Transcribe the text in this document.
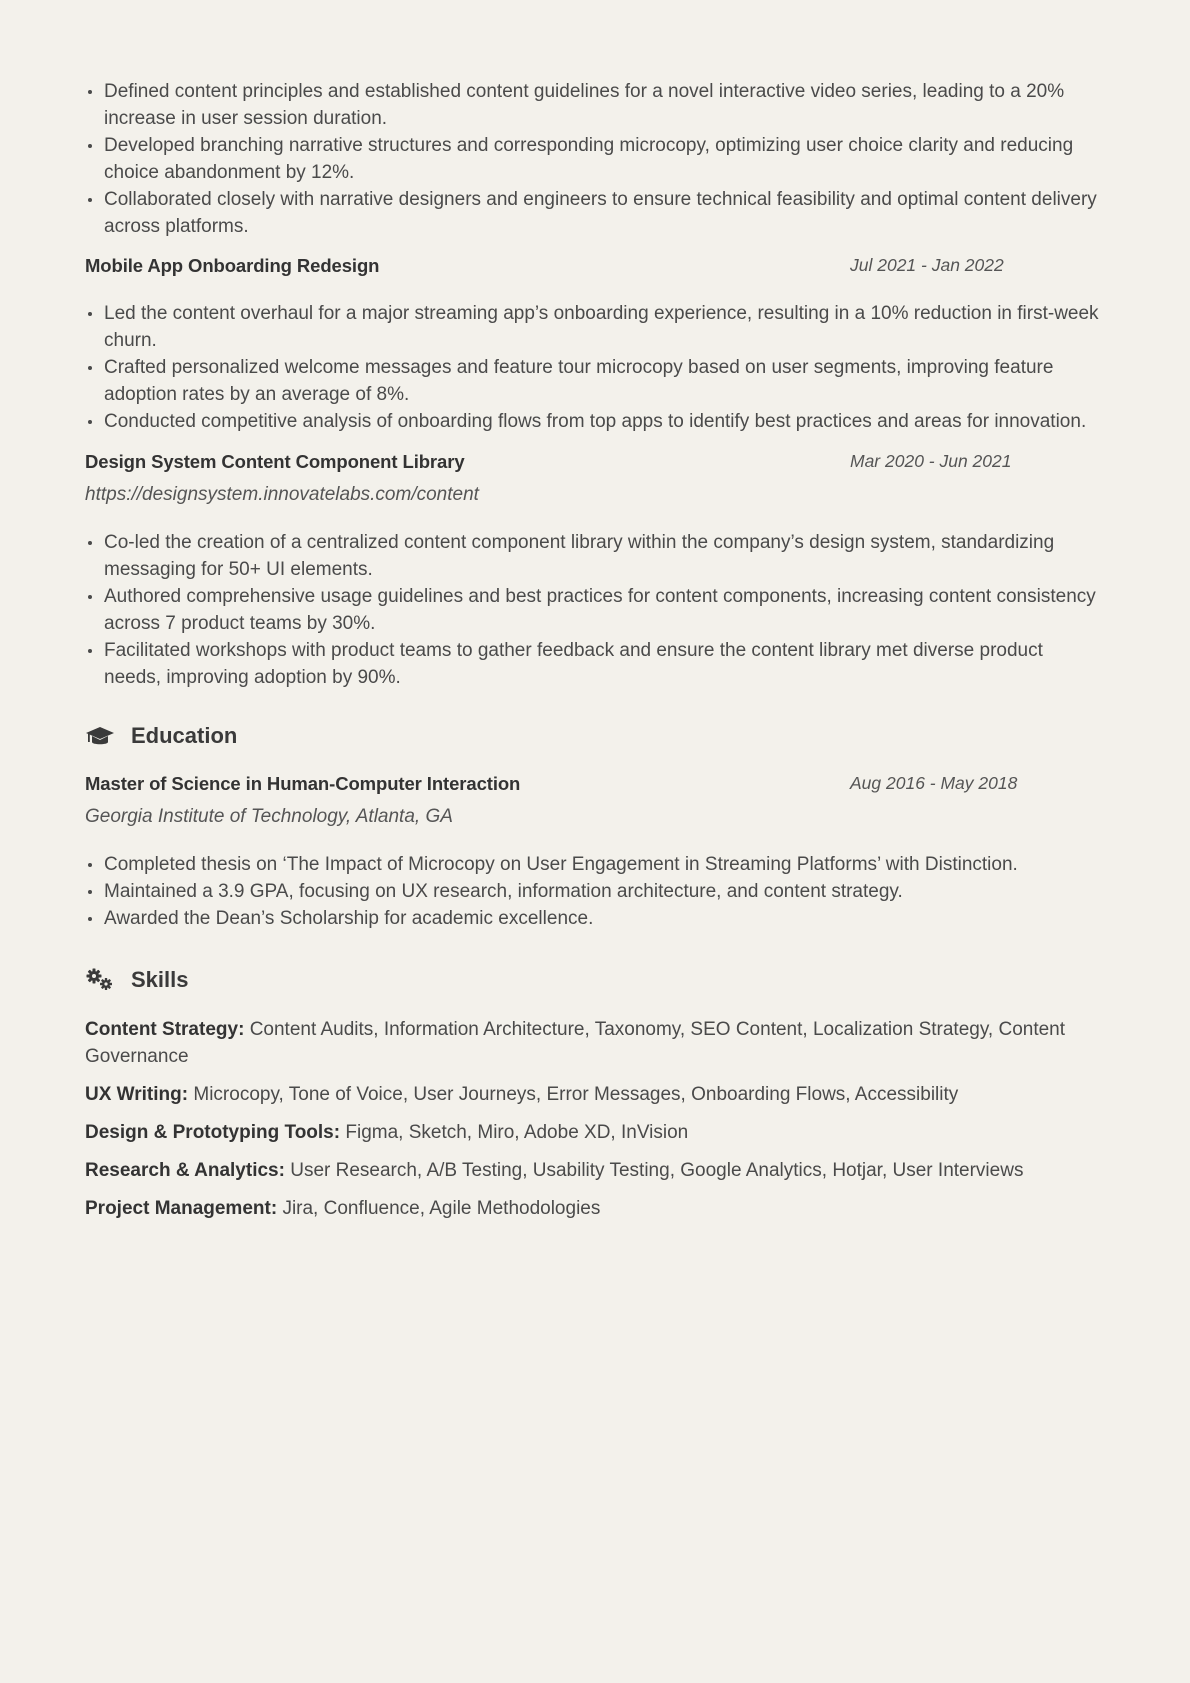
Defined content principles and established content guidelines for a novel interactive video series, leading to a 20% increase in user session duration.
Developed branching narrative structures and corresponding microcopy, optimizing user choice clarity and reducing choice abandonment by 12%.
Collaborated closely with narrative designers and engineers to ensure technical feasibility and optimal content delivery across platforms.
Mobile App Onboarding Redesign	Jul 2021 - Jan 2022
Led the content overhaul for a major streaming app’s onboarding experience, resulting in a 10% reduction in first-week churn.
Crafted personalized welcome messages and feature tour microcopy based on user segments, improving feature adoption rates by an average of 8%.
Conducted competitive analysis of onboarding flows from top apps to identify best practices and areas for innovation.
Design System Content Component Library	Mar 2020 - Jun 2021
https://designsystem.innovatelabs.com/content
Co-led the creation of a centralized content component library within the company’s design system, standardizing messaging for 50+ UI elements.
Authored comprehensive usage guidelines and best practices for content components, increasing content consistency across 7 product teams by 30%.
Facilitated workshops with product teams to gather feedback and ensure the content library met diverse product needs, improving adoption by 90%.
Education
Master of Science in Human-Computer Interaction	Aug 2016 - May 2018
Georgia Institute of Technology, Atlanta, GA
Completed thesis on ‘The Impact of Microcopy on User Engagement in Streaming Platforms’ with Distinction.
Maintained a 3.9 GPA, focusing on UX research, information architecture, and content strategy.
Awarded the Dean’s Scholarship for academic excellence.
Skills
Content Strategy: Content Audits, Information Architecture, Taxonomy, SEO Content, Localization Strategy, Content Governance
UX Writing: Microcopy, Tone of Voice, User Journeys, Error Messages, Onboarding Flows, Accessibility
Design & Prototyping Tools: Figma, Sketch, Miro, Adobe XD, InVision
Research & Analytics: User Research, A/B Testing, Usability Testing, Google Analytics, Hotjar, User Interviews
Project Management: Jira, Confluence, Agile Methodologies
